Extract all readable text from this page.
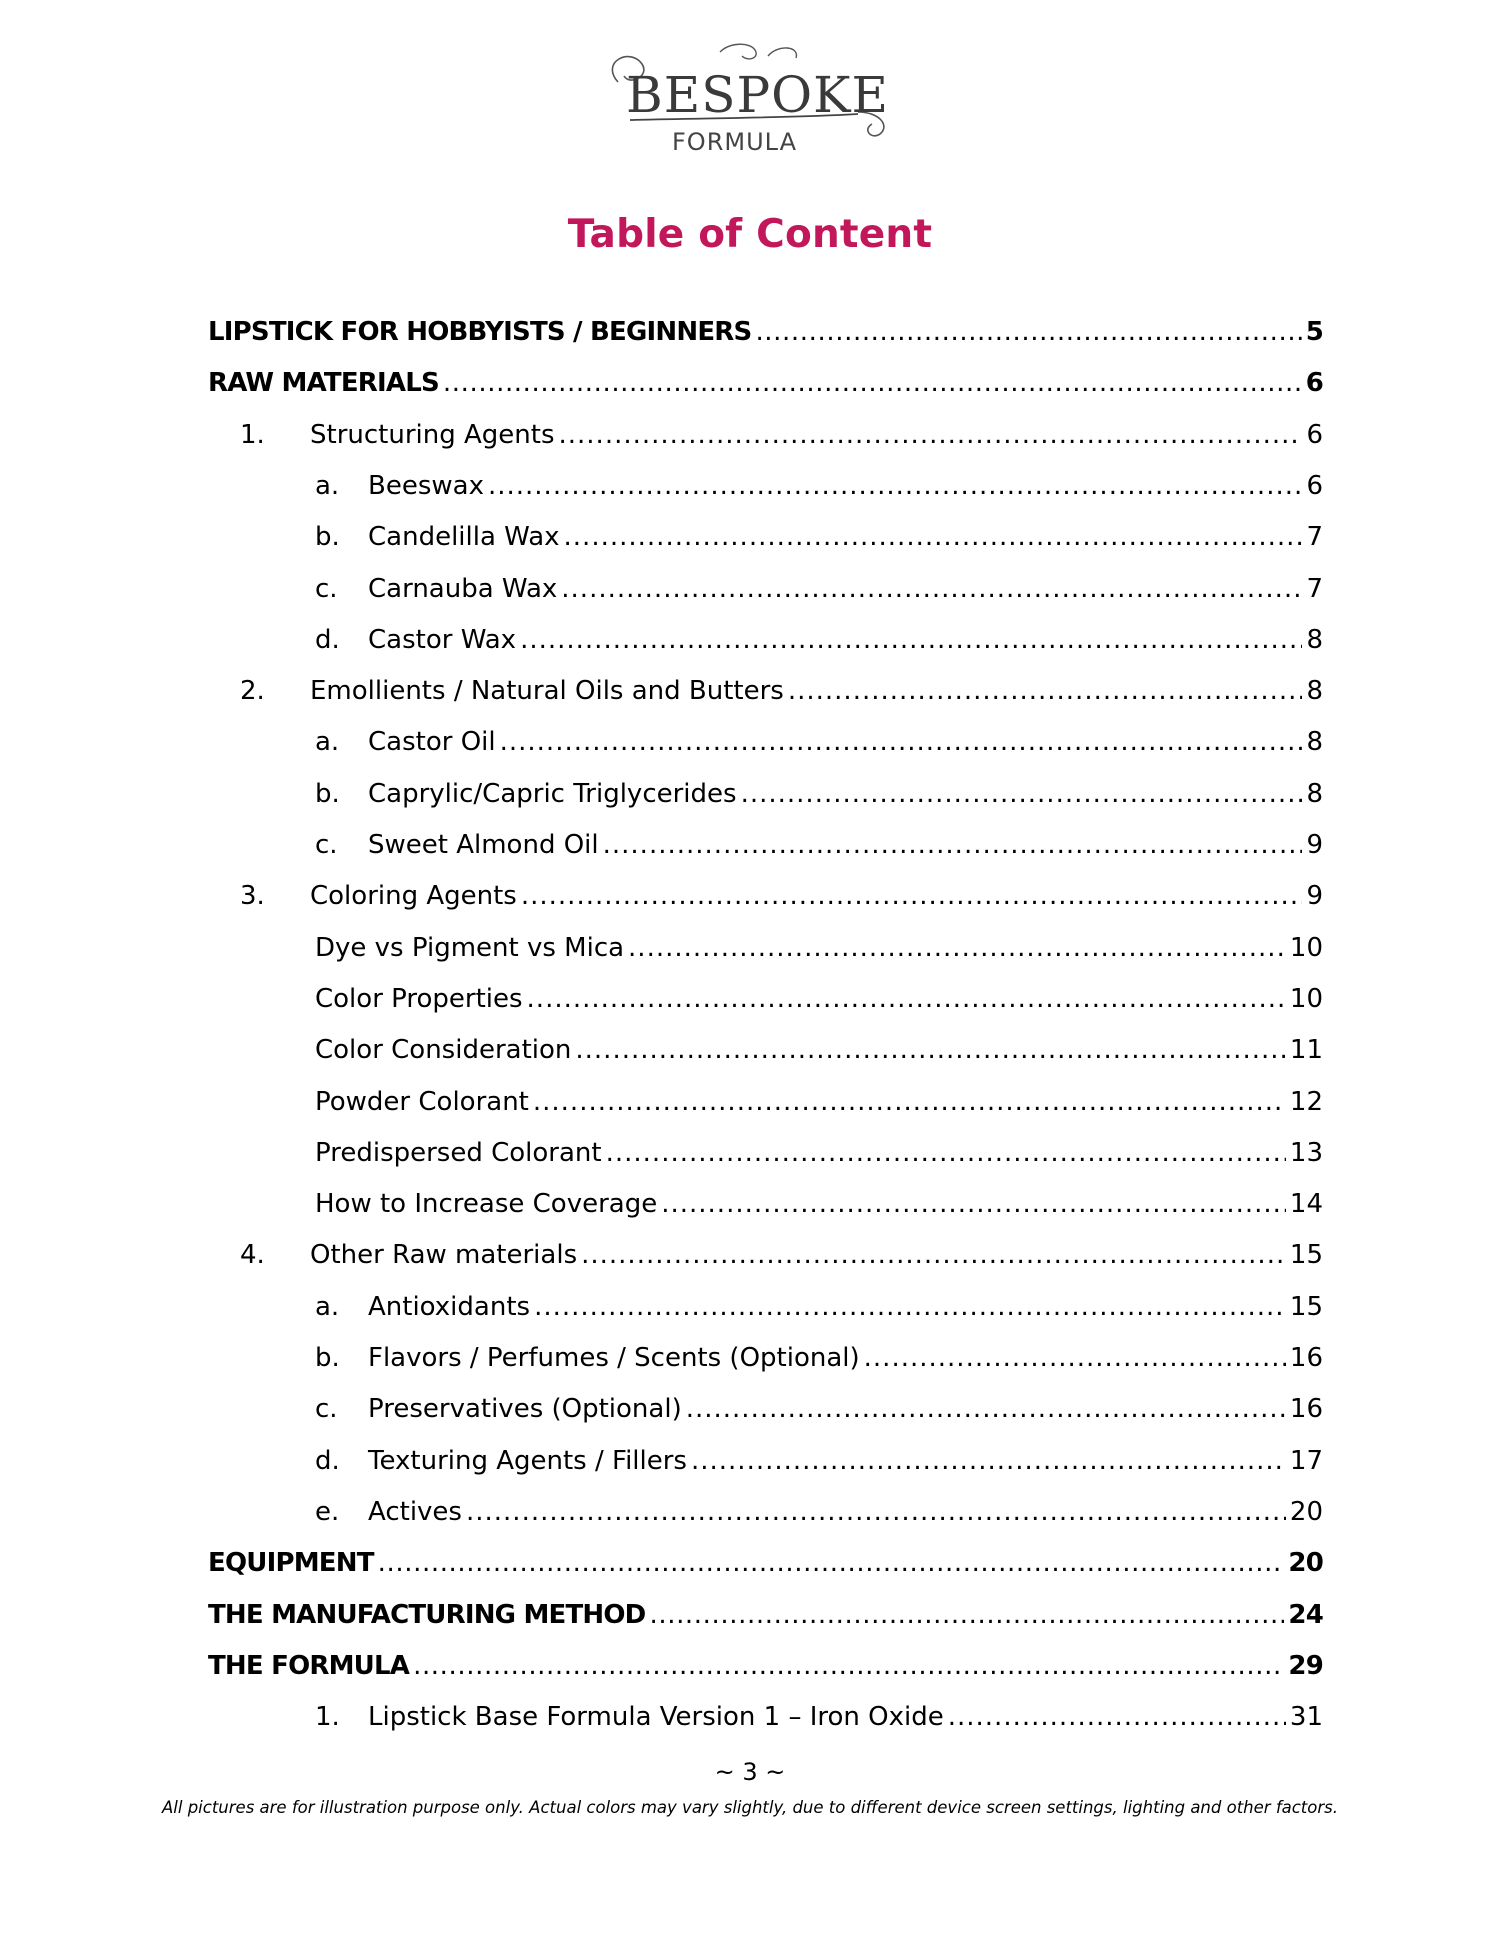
BESPOKE
FORMULA
Table of Content
LIPSTICK FOR HOBBYISTS / BEGINNERS .....	5
RAW MATERIALS .....	6
1.	Structuring Agents .....	6
a.	Beeswax .....	6
b.	Candelilla Wax .....	7
c.	Carnauba Wax .....	7
d.	Castor Wax .....	8
2.	Emollients / Natural Oils and Butters .....	8
a.	Castor Oil .....	8
b.	Caprylic/Capric Triglycerides .....	8
c.	Sweet Almond Oil .....	9
3.	Coloring Agents .....	9
Dye vs Pigment vs Mica .....	10
Color Properties .....	10
Color Consideration .....	11
Powder Colorant .....	12
Predispersed Colorant .....	13
How to Increase Coverage .....	14
4.	Other Raw materials .....	15
a.	Antioxidants .....	15
b.	Flavors / Perfumes / Scents (Optional) .....	16
c.	Preservatives (Optional) .....	16
d.	Texturing Agents / Fillers .....	17
e.	Actives .....	20
EQUIPMENT .....	20
THE MANUFACTURING METHOD .....	24
THE FORMULA .....	29
1.	Lipstick Base Formula Version 1 – Iron Oxide .....	31
~ 3 ~
All pictures are for illustration purpose only. Actual colors may vary slightly, due to different device screen settings, lighting and other factors.
